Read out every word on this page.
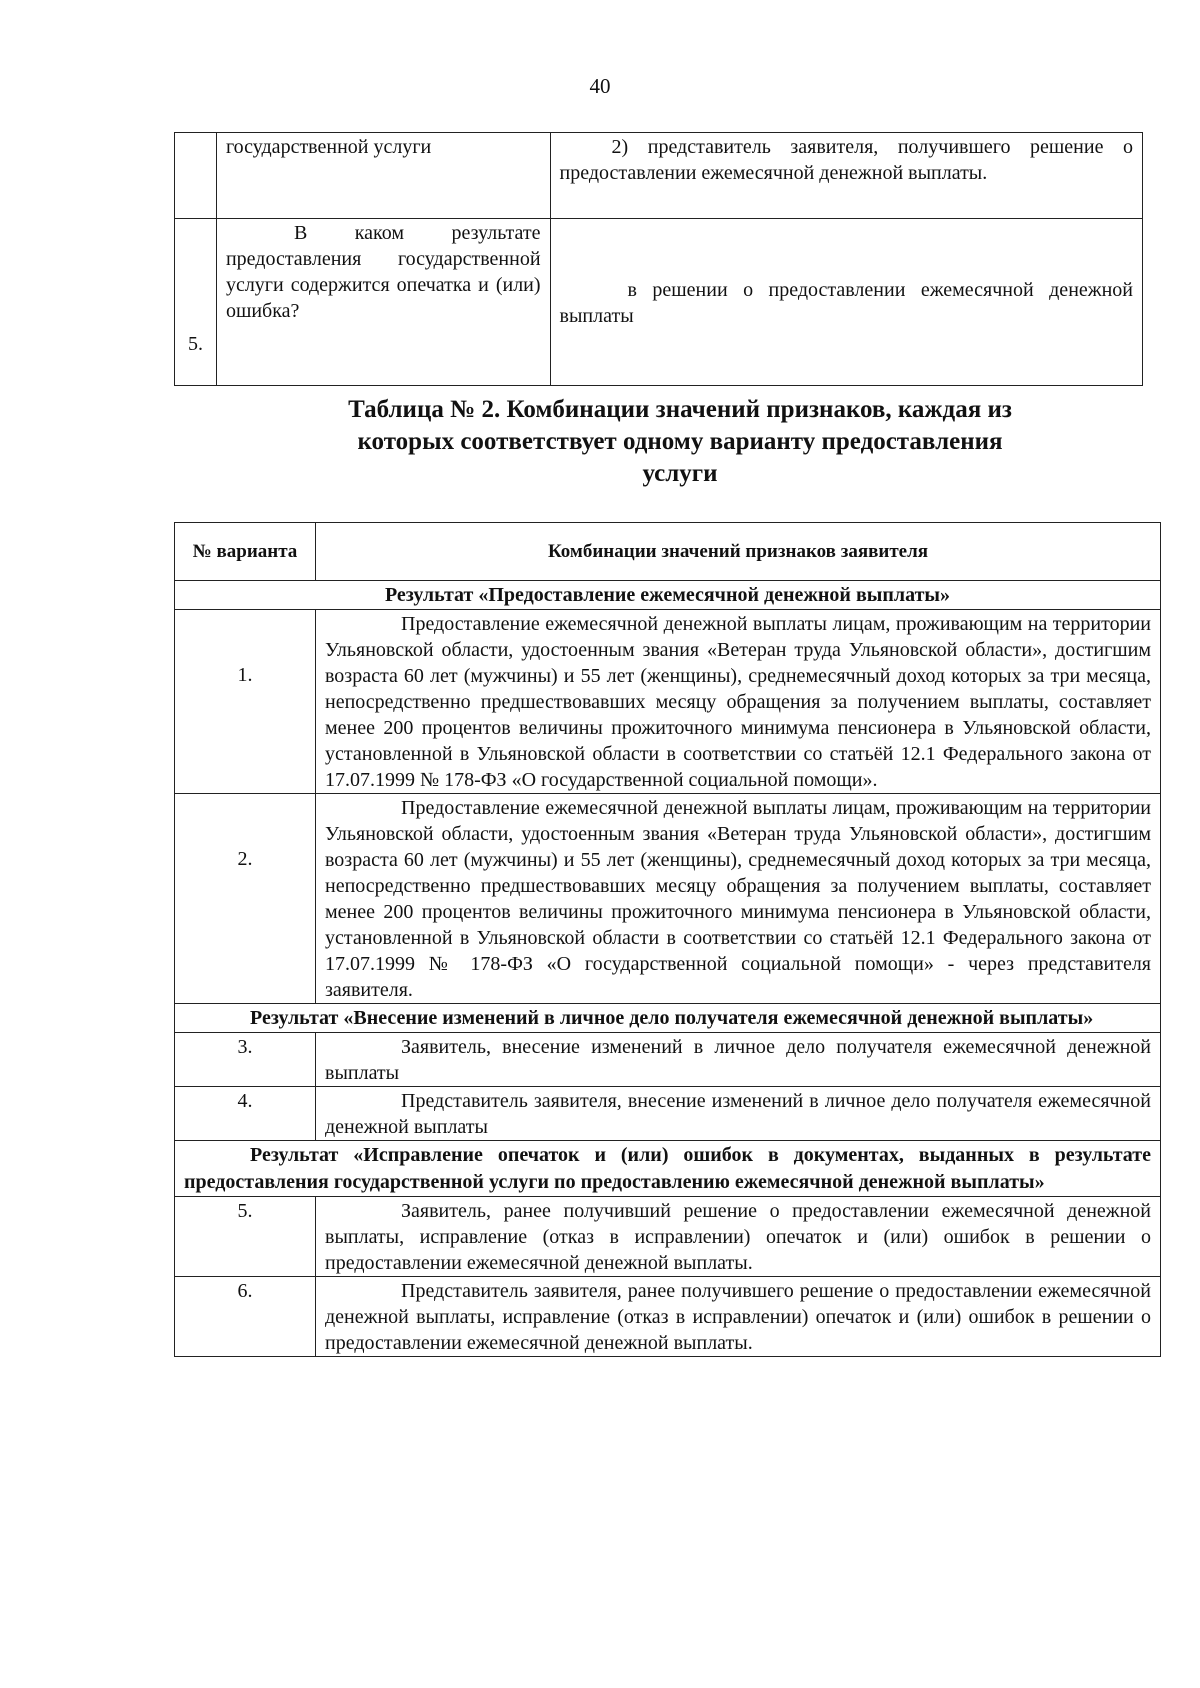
40
	государственной услуги	2) представитель заявителя, получившего решение о предоставлении ежемесячной денежной выплаты.
5.	В каком результате предоставления государственной услуги содержится опечатка и (или) ошибка?	в решении о предоставлении ежемесячной денежной выплаты
Таблица № 2. Комбинации значений признаков, каждая из которых соответствует одному варианту предоставления услуги
№ варианта	Комбинации значений признаков заявителя
Результат «Предоставление ежемесячной денежной выплаты»	
1.	Предоставление ежемесячной денежной выплаты лицам, проживающим на территории Ульяновской области, удостоенным звания «Ветеран труда Ульяновской области», достигшим возраста 60 лет (мужчины) и 55 лет (женщины), среднемесячный доход которых за три месяца, непосредственно предшествовавших месяцу обращения за получением выплаты, составляет менее 200 процентов величины прожиточного минимума пенсионера в Ульяновской области, установленной в Ульяновской области в соответствии со статьёй 12.1 Федерального закона от 17.07.1999 № 178-ФЗ «О государственной социальной помощи».
2.	Предоставление ежемесячной денежной выплаты лицам, проживающим на территории Ульяновской области, удостоенным звания «Ветеран труда Ульяновской области», достигшим возраста 60 лет (мужчины) и 55 лет (женщины), среднемесячный доход которых за три месяца, непосредственно предшествовавших месяцу обращения за получением выплаты, составляет менее 200 процентов величины прожиточного минимума пенсионера в Ульяновской области, установленной в Ульяновской области в соответствии со статьёй 12.1 Федерального закона от 17.07.1999 № 178-ФЗ «О государственной социальной помощи» - через представителя заявителя.
Результат «Внесение изменений в личное дело получателя ежемесячной денежной выплаты»	
3.	Заявитель, внесение изменений в личное дело получателя ежемесячной денежной выплаты
4.	Представитель заявителя, внесение изменений в личное дело получателя ежемесячной денежной выплаты
Результат «Исправление опечаток и (или) ошибок в документах, выданных в результате предоставления государственной услуги по предоставлению ежемесячной денежной выплаты»	
5.	Заявитель, ранее получивший решение о предоставлении ежемесячной денежной выплаты, исправление (отказ в исправлении) опечаток и (или) ошибок в решении о предоставлении ежемесячной денежной выплаты.
6.	Представитель заявителя, ранее получившего решение о предоставлении ежемесячной денежной выплаты, исправление (отказ в исправлении) опечаток и (или) ошибок в решении о предоставлении ежемесячной денежной выплаты.
